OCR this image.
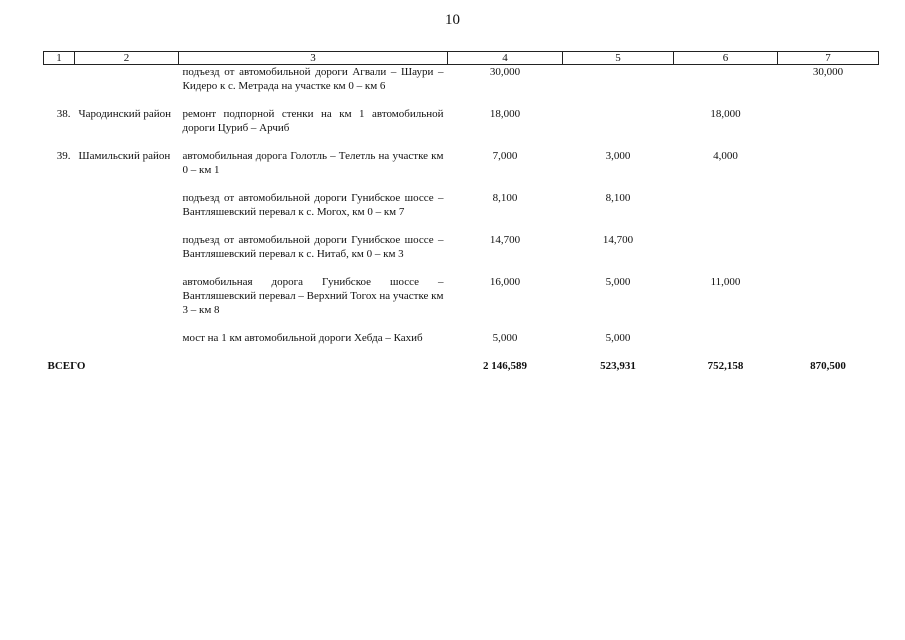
10
1	2	3	4	5	6	7
		подъезд от автомобильной дороги Агвали – Шаури – Кидеро к с. Метрада на участке км 0 – км 6	30,000			30,000

38.	Чародинский район	ремонт подпорной стенки на км 1 автомобильной дороги Цуриб – Арчиб	18,000		18,000	

39.	Шамильский район	автомобильная дорога Голотль – Телетль на участке км 0 – км 1	7,000	3,000	4,000	

		подъезд от автомобильной дороги Гунибское шоссе – Вантляшевский перевал к с. Могох, км 0 – км 7	8,100	8,100		

		подъезд от автомобильной дороги Гунибское шоссе – Вантляшевский перевал к с. Нитаб, км 0 – км 3	14,700	14,700		

		автомобильная дорога Гунибское шоссе – Вантляшевский перевал – Верхний Тогох на участке км 3 – км 8	16,000	5,000	11,000	

		мост на 1 км автомобильной дороги Хебда – Кахиб	5,000	5,000		

ВСЕГО			2 146,589	523,931	752,158	870,500
